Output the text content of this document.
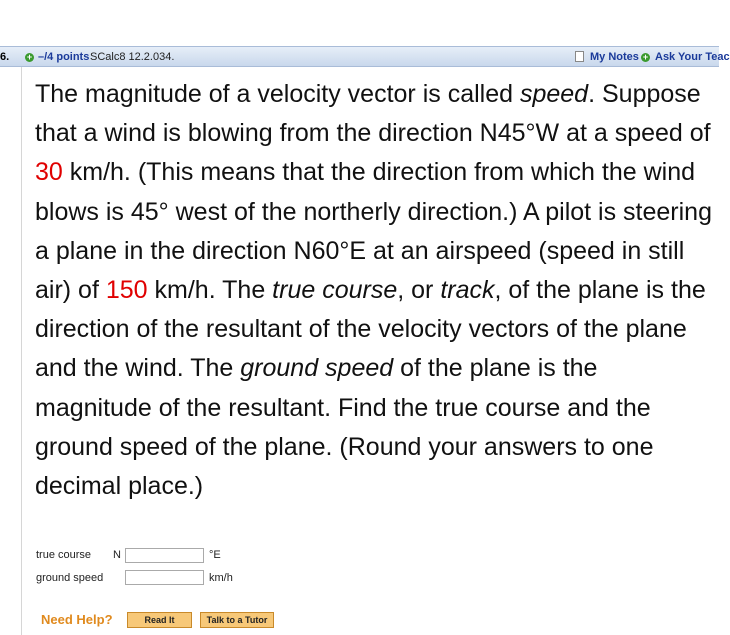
6. + –/4 points SCalc8 12.2.034.	My Notes + Ask Your Teac
The magnitude of a velocity vector is called speed. Suppose that a wind is blowing from the direction N45°W at a speed of 30 km/h. (This means that the direction from which the wind blows is 45° west of the northerly direction.) A pilot is steering a plane in the direction N60°E at an airspeed (speed in still air) of 150 km/h. The true course, or track, of the plane is the direction of the resultant of the velocity vectors of the plane and the wind. The ground speed of the plane is the magnitude of the resultant. Find the true course and the ground speed of the plane. (Round your answers to one decimal place.)
true course N	°E
ground speed	km/h
Need Help?	Read It	Talk to a Tutor
